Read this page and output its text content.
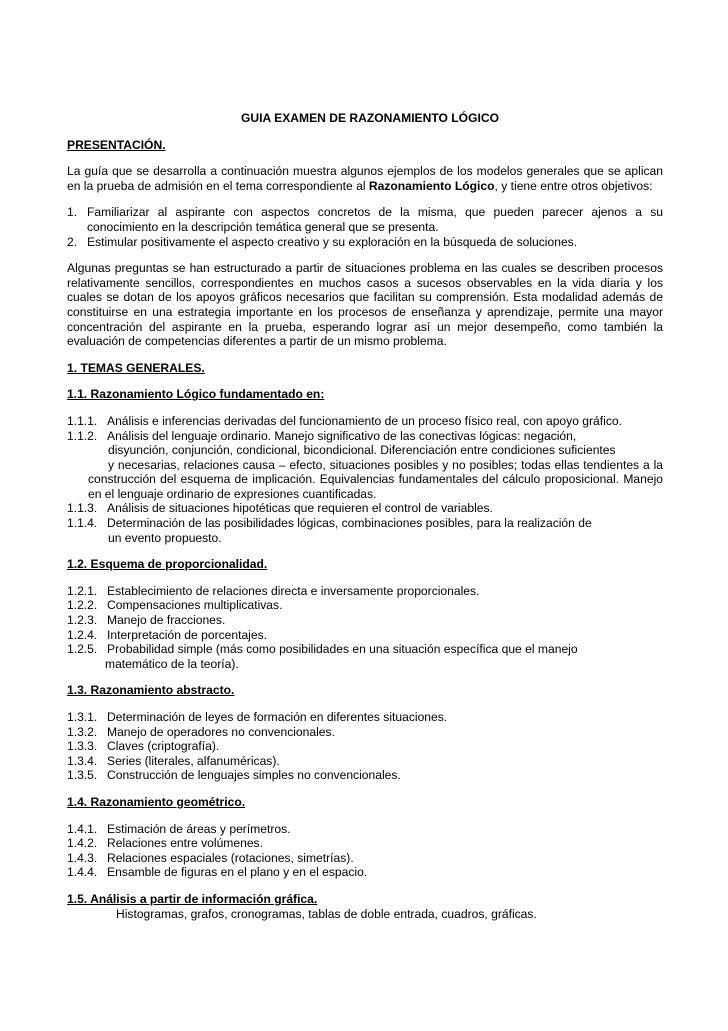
GUIA EXAMEN DE RAZONAMIENTO LÓGICO
PRESENTACIÓN.
La guía que se desarrolla a continuación muestra algunos ejemplos de los modelos generales que se aplican en la prueba de admisión en el tema correspondiente al Razonamiento Lógico, y tiene entre otros objetivos:
1. Familiarizar al aspirante con aspectos concretos de la misma, que pueden parecer ajenos a su conocimiento en la descripción temática general que se presenta.
2. Estimular positivamente el aspecto creativo y su exploración en la búsqueda de soluciones.
Algunas preguntas se han estructurado a partir de situaciones problema en las cuales se describen procesos relativamente sencillos, correspondientes en muchos casos a sucesos observables en la vida diaria y los cuales se dotan de los apoyos gráficos necesarios que facilitan su comprensión. Esta modalidad además de constituirse en una estrategia importante en los procesos de enseñanza y aprendizaje, permite una mayor concentración del aspirante en la prueba, esperando lograr así un mejor desempeño, como también la evaluación de competencias diferentes a partir de un mismo problema.
1. TEMAS GENERALES.
1.1. Razonamiento Lógico fundamentado en:
1.1.1. Análisis e inferencias derivadas del funcionamiento de un proceso físico real, con apoyo gráfico.
1.1.2. Análisis del lenguaje ordinario. Manejo significativo de las conectivas lógicas: negación,
disyunción, conjunción, condicional, bicondicional. Diferenciación entre condiciones suficientes
y necesarias, relaciones causa – efecto, situaciones posibles y no posibles; todas ellas tendientes a la
construcción del esquema de implicación. Equivalencias fundamentales del cálculo proposicional. Manejo
en el lenguaje ordinario de expresiones cuantificadas.
1.1.3. Análisis de situaciones hipotéticas que requieren el control de variables.
1.1.4. Determinación de las posibilidades lógicas, combinaciones posibles, para la realización de
un evento propuesto.
1.2. Esquema de proporcionalidad.
1.2.1. Establecimiento de relaciones directa e inversamente proporcionales.
1.2.2. Compensaciones multiplicativas.
1.2.3. Manejo de fracciones.
1.2.4. Interpretación de porcentajes.
1.2.5. Probabilidad simple (más como posibilidades en una situación específica que el manejo
matemático de la teoría).
1.3. Razonamiento abstracto.
1.3.1. Determinación de leyes de formación en diferentes situaciones.
1.3.2. Manejo de operadores no convencionales.
1.3.3. Claves (criptografía).
1.3.4. Series (literales, alfanuméricas).
1.3.5. Construcción de lenguajes simples no convencionales.
1.4. Razonamiento geométrico.
1.4.1. Estimación de áreas y perímetros.
1.4.2. Relaciones entre volúmenes.
1.4.3. Relaciones espaciales (rotaciones, simetrías).
1.4.4. Ensamble de figuras en el plano y en el espacio.
1.5. Análisis a partir de información gráfica.
Histogramas, grafos, cronogramas, tablas de doble entrada, cuadros, gráficas.
